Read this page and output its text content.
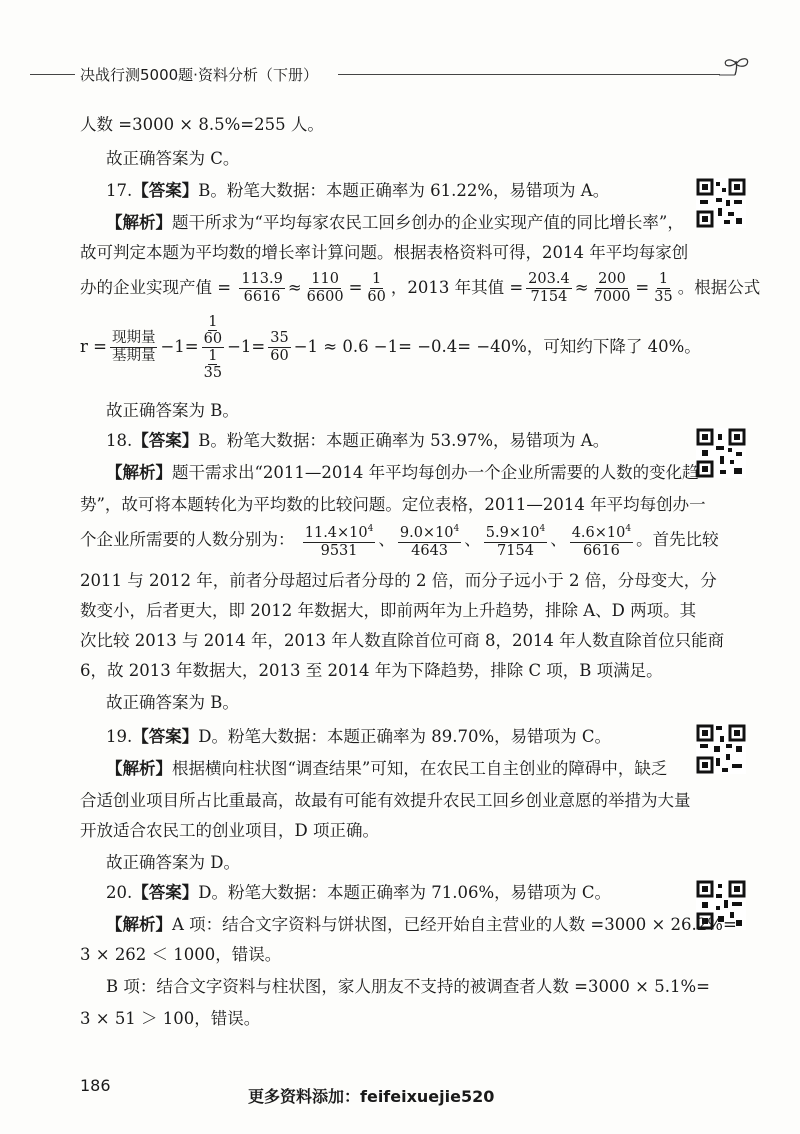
决战行测5000题·资料分析（下册）
人数 =3000 × 8.5%=255 人。
故正确答案为 C。
17.【答案】B。粉笔大数据：本题正确率为 61.22%，易错项为 A。
【解析】题干所求为“平均每家农民工回乡创办的企业实现产值的同比增长率”，
故可判定本题为平均数的增长率计算问题。根据表格资料可得，2014 年平均每家创
办的企业实现产值 = $\frac{113.9}{6616} \approx \frac{110}{6600} = \frac{1}{60}$ ，2013 年其值 = $\frac{203.4}{7154} \approx \frac{200}{7000} = \frac{1}{35}$ 。根据公式
$r = \frac{\text{现期量}}{\text{基期量}} -1= \frac{\frac{1}{60}}{\frac{1}{35}} -1= \frac{35}{60} -1 \approx 0.6 -1= -0.4= -40\%$，可知约下降了 40%。
故正确答案为 B。
18.【答案】B。粉笔大数据：本题正确率为 53.97%，易错项为 A。
【解析】题干需求出“2011—2014 年平均每创办一个企业所需要的人数的变化趋
势”，故可将本题转化为平均数的比较问题。定位表格，2011—2014 年平均每创办一
个企业所需要的人数分别为： $\frac{11.4\times 10^4}{9531}$ 、 $\frac{9.0\times 10^4}{4643}$ 、 $\frac{5.9\times 10^4}{7154}$ 、 $\frac{4.6\times 10^4}{6616}$ 。首先比较
2011 与 2012 年，前者分母超过后者分母的 2 倍，而分子远小于 2 倍，分母变大，分
数变小，后者更大，即 2012 年数据大，即前两年为上升趋势，排除 A、D 两项。其
次比较 2013 与 2014 年，2013 年人数直除首位可商 8，2014 年人数直除首位只能商
6，故 2013 年数据大，2013 至 2014 年为下降趋势，排除 C 项，B 项满足。
故正确答案为 B。
19.【答案】D。粉笔大数据：本题正确率为 89.70%，易错项为 C。
【解析】根据横向柱状图“调查结果”可知，在农民工自主创业的障碍中，缺乏
合适创业项目所占比重最高，故最有可能有效提升农民工回乡创业意愿的举措为大量
开放适合农民工的创业项目，D 项正确。
故正确答案为 D。
20.【答案】D。粉笔大数据：本题正确率为 71.06%，易错项为 C。
【解析】A 项：结合文字资料与饼状图，已经开始自主营业的人数 =3000 × 26.2%=
3 × 262 ＜ 1000，错误。
B 项：结合文字资料与柱状图，家人朋友不支持的被调查者人数 =3000 × 5.1%=
3 × 51 ＞ 100，错误。
186
更多资料添加：feifeixuejie520
